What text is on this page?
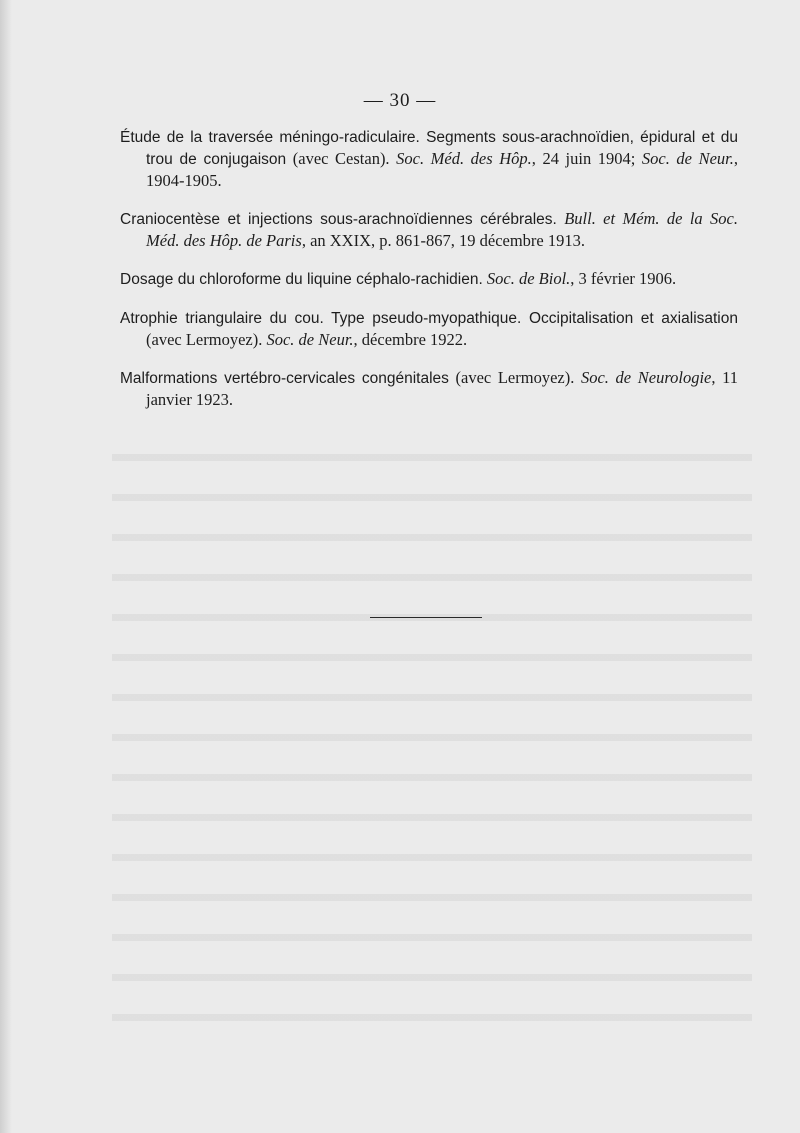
— 30 —

Étude de la traversée méningo-radiculaire. Segments sous-arachnoïdien, épidural et du trou de conjugaison (avec Cestan). Soc. Méd. des Hôp., 24 juin 1904; Soc. de Neur., 1904-1905.

Craniocentèse et injections sous-arachnoïdiennes cérébrales. Bull. et Mém. de la Soc. Méd. des Hôp. de Paris, an XXIX, p. 861-867, 19 décembre 1913.

Dosage du chloroforme du liquine céphalo-rachidien. Soc. de Biol., 3 février 1906.

Atrophie triangulaire du cou. Type pseudo-myopathique. Occipitalisation et axialisation (avec Lermoyez). Soc. de Neur., décembre 1922.

Malformations vertébro-cervicales congénitales (avec Lermoyez). Soc. de Neurologie, 11 janvier 1923.
